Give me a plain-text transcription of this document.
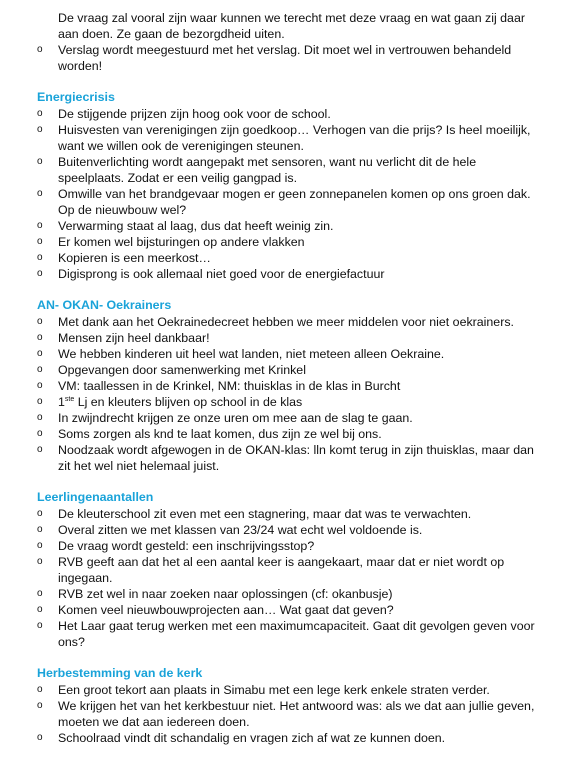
De vraag zal vooral zijn waar kunnen we terecht met deze vraag en wat gaan zij daar aan doen. Ze gaan de bezorgdheid uiten.

o Verslag wordt meegestuurd met het verslag. Dit moet wel in vertrouwen behandeld worden!
Energiecrisis
o De stijgende prijzen zijn hoog ook voor de school.
o Huisvesten van verenigingen zijn goedkoop… Verhogen van die prijs? Is heel moeilijk, want we willen ook de verenigingen steunen.
o Buitenverlichting wordt aangepakt met sensoren, want nu verlicht dit de hele speelplaats. Zodat er een veilig gangpad is.
o Omwille van het brandgevaar mogen er geen zonnepanelen komen op ons groen dak. Op de nieuwbouw wel?
o Verwarming staat al laag, dus dat heeft weinig zin.
o Er komen wel bijsturingen op andere vlakken
o Kopieren is een meerkost…
o Digisprong is ook allemaal niet goed voor de energiefactuur
AN- OKAN- Oekrainers
o Met dank aan het Oekrainedecreet hebben we meer middelen voor niet oekrainers.
o Mensen zijn heel dankbaar!
o We hebben kinderen uit heel wat landen, niet meteen alleen Oekraine.
o Opgevangen door samenwerking met Krinkel
o VM: taallessen in de Krinkel, NM: thuisklas in de klas in Burcht
o 1ste Lj en kleuters blijven op school in de klas
o In zwijndrecht krijgen ze onze uren om mee aan de slag te gaan.
o Soms zorgen als knd te laat komen, dus zijn ze wel bij ons.
o Noodzaak wordt afgewogen in de OKAN-klas: lln komt terug in zijn thuisklas, maar dan zit het wel niet helemaal juist.
Leerlingenaantallen
o De kleuterschool zit even met een stagnering, maar dat was te verwachten.
o Overal zitten we met klassen van 23/24 wat echt wel voldoende is.
o De vraag wordt gesteld: een inschrijvingsstop?
o RVB geeft aan dat het al een aantal keer is aangekaart, maar dat er niet wordt op ingegaan.
o RVB zet wel in naar zoeken naar oplossingen (cf: okanbusje)
o Komen veel nieuwbouwprojecten aan… Wat gaat dat geven?
o Het Laar gaat terug werken met een maximumcapaciteit. Gaat dit gevolgen geven voor ons?
Herbestemming van de kerk
o Een groot tekort aan plaats in Simabu met een lege kerk enkele straten verder.
o We krijgen het van het kerkbestuur niet. Het antwoord was: als we dat aan jullie geven, moeten we dat aan iedereen doen.
o Schoolraad vindt dit schandalig en vragen zich af wat ze kunnen doen.
